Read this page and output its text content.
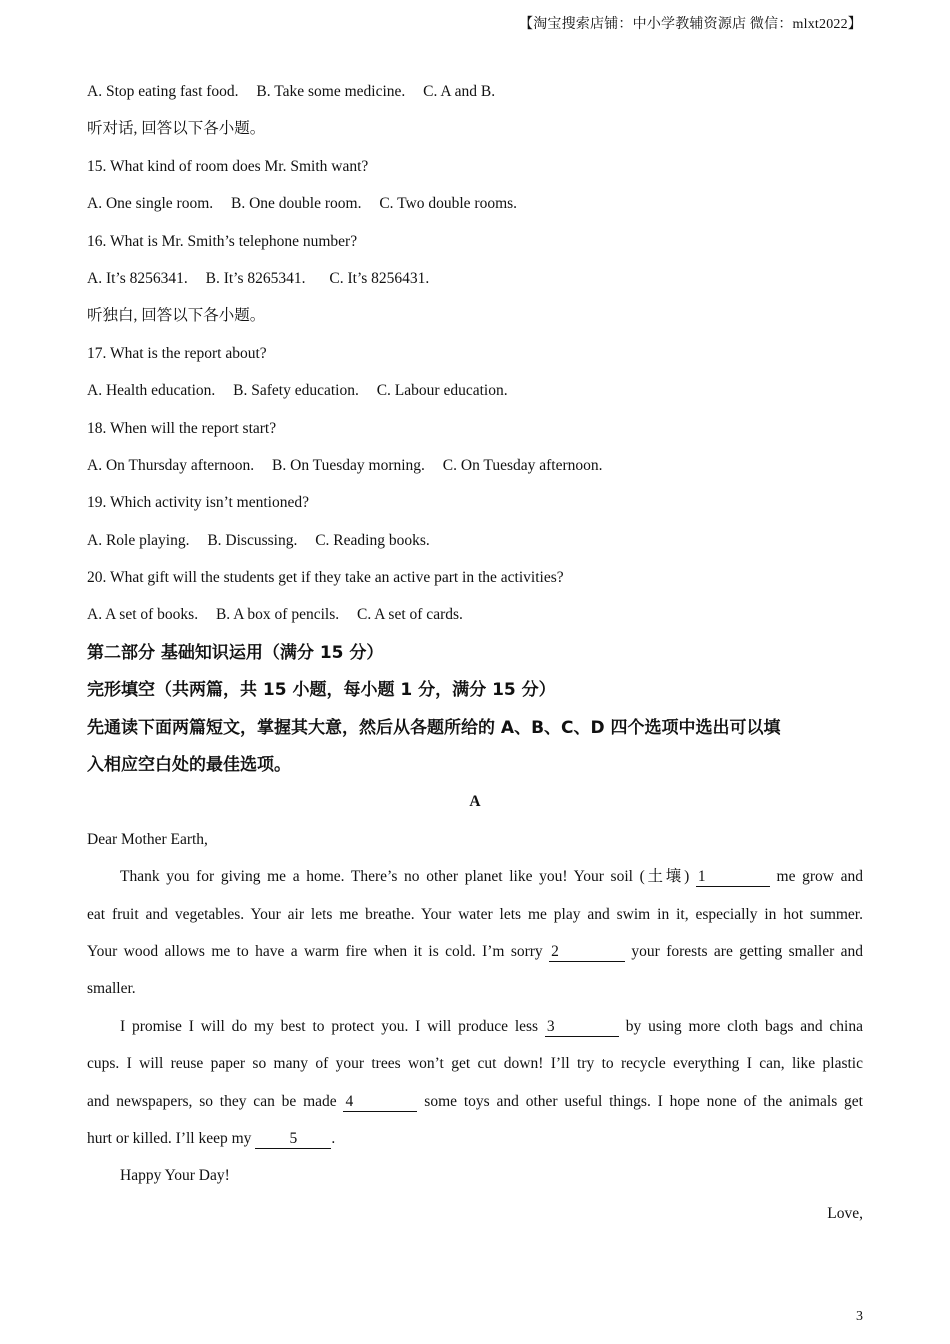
【淘宝搜索店铺：中小学教辅资源店 微信：mlxt2022】
A. Stop eating fast food. B. Take some medicine. C. A and B.
听对话, 回答以下各小题。
15. What kind of room does Mr. Smith want?
A. One single room. B. One double room. C. Two double rooms.
16. What is Mr. Smith’s telephone number?
A. It’s 8256341. B. It’s 8265341. C. It’s 8256431.
听独白, 回答以下各小题。
17. What is the report about?
A. Health education. B. Safety education. C. Labour education.
18. When will the report start?
A. On Thursday afternoon. B. On Tuesday morning. C. On Tuesday afternoon.
19. Which activity isn’t mentioned?
A. Role playing. B. Discussing. C. Reading books.
20. What gift will the students get if they take an active part in the activities?
A. A set of books. B. A box of pencils. C. A set of cards.
第二部分 基础知识运用（满分 15 分）
完形填空（共两篇，共 15 小题，每小题 1 分，满分 15 分）
先通读下面两篇短文，掌握其大意，然后从各题所给的 A、B、C、D 四个选项中选出可以填
入相应空白处的最佳选项。
A
Dear Mother Earth,
Thank you for giving me a home. There’s no other planet like you! Your soil (土壤) 1	me grow and
eat fruit and vegetables. Your air lets me breathe. Your water lets me play and swim in it, especially in hot summer.
Your wood allows me to have a warm fire when it is cold. I’m sorry 2	your forests are getting smaller and
smaller.
I promise I will do my best to protect you. I will produce less 3	by using more cloth bags and china
cups. I will reuse paper so many of your trees won’t get cut down! I’ll try to recycle everything I can, like plastic
and newspapers, so they can be made 4	some toys and other useful things. I hope none of the animals get
hurt or killed. I’ll keep my 5 .
Happy Your Day!
Love,
3
